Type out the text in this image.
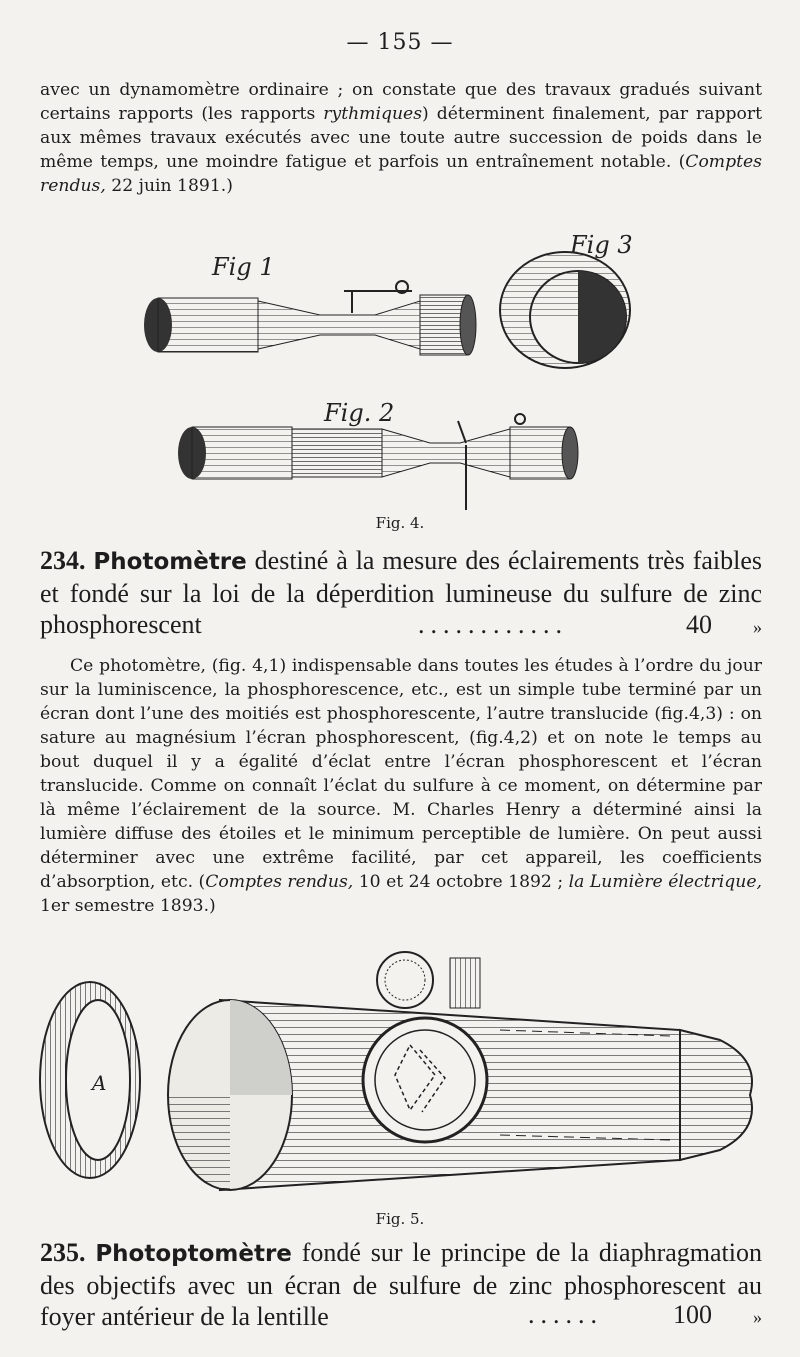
— 155 —
avec un dynamomètre ordinaire ; on constate que des travaux gradués suivant certains rapports (les rapports rythmiques) déterminent finalement, par rapport aux mêmes travaux exécutés avec une toute autre succession de poids dans le même temps, une moindre fatigue et parfois un entraînement notable. (Comptes rendus, 22 juin 1891.)
Fig 1
Fig. 2
Fig 3
Fig. 4.
234. Photomètre destiné à la mesure des éclairements très faibles et fondé sur la loi de la déperdition lumineuse du sulfure de zinc phosphorescent	............	40	»
Ce photomètre, (fig. 4,1) indispensable dans toutes les études à l’ordre du jour sur la luminiscence, la phosphorescence, etc., est un simple tube terminé par un écran dont l’une des moitiés est phosphorescente, l’autre translucide (fig.4,3) : on sature au magnésium l’écran phosphorescent, (fig.4,2) et on note le temps au bout duquel il y a égalité d’éclat entre l’écran phosphorescent et l’écran translucide. Comme on connaît l’éclat du sulfure à ce moment, on détermine par là même l’éclairement de la source. M. Charles Henry a déterminé ainsi la lumière diffuse des étoiles et le minimum perceptible de lumière. On peut aussi déterminer avec une extrême facilité, par cet appareil, les coefficients d’absorption, etc. (Comptes rendus, 10 et 24 octobre 1892 ; la Lumière électrique, 1er semestre 1893.)
A
Fig. 5.
235. Photoptomètre fondé sur le principe de la diaphragmation des objectifs avec un écran de sulfure de zinc phosphorescent au foyer antérieur de la lentille	......	100	»
